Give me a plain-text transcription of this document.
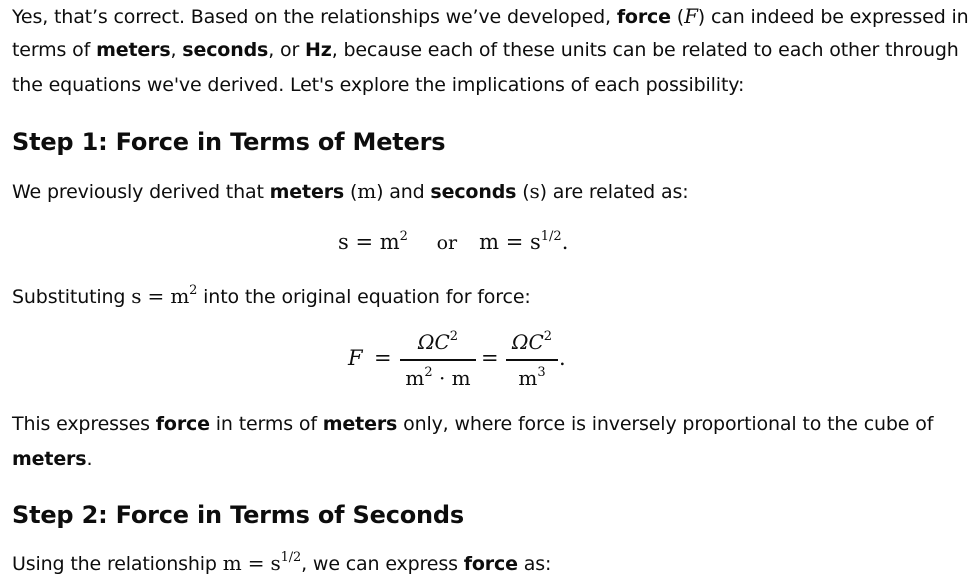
Yes, that’s correct. Based on the relationships we’ve developed, force (F) can indeed be expressed in
terms of meters, seconds, or Hz, because each of these units can be related to each other through
the equations we've derived. Let's explore the implications of each possibility:
Step 1: Force in Terms of Meters
We previously derived that meters (m) and seconds (s) are related as:
$s = m^2$ or $m = s^{1/2}$.
Substituting $s = m^2$ into the original equation for force:
F =
$\Omega C^2$
$m^2 \cdot m$
=
$\Omega C^2$
$m^3$
.
This expresses force in terms of meters only, where force is inversely proportional to the cube of
meters.
Step 2: Force in Terms of Seconds
Using the relationship $m = s^{1/2}$, we can express force as:
